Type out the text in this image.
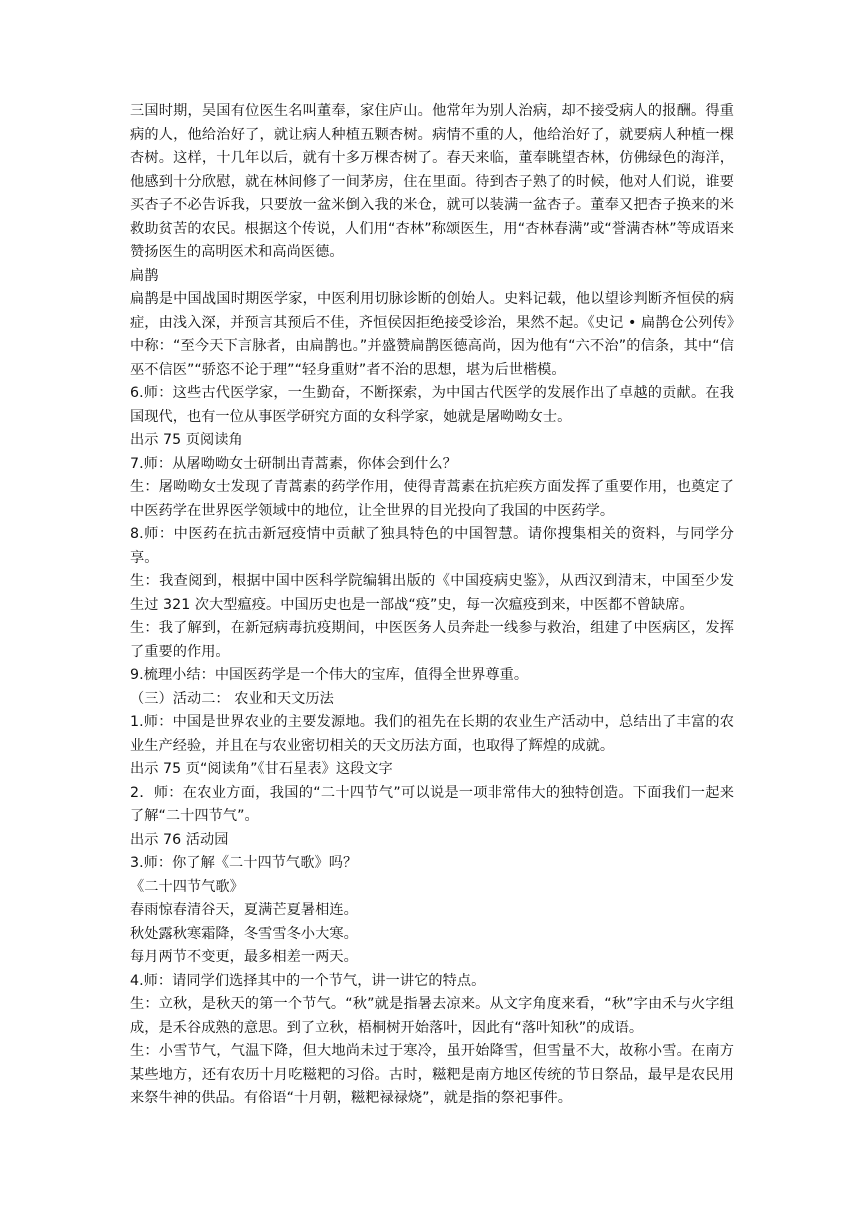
三国时期，吴国有位医生名叫董奉，家住庐山。他常年为别人治病，却不接受病人的报酬。得重病的人，他给治好了，就让病人种植五颗杏树。病情不重的人，他给治好了，就要病人种植一棵杏树。这样，十几年以后，就有十多万棵杏树了。春天来临，董奉眺望杏林，仿佛绿色的海洋，他感到十分欣慰，就在林间修了一间茅房，住在里面。待到杏子熟了的时候，他对人们说，谁要买杏子不必告诉我，只要放一盆米倒入我的米仓，就可以装满一盆杏子。董奉又把杏子换来的米救助贫苦的农民。根据这个传说，人们用“杏林”称颂医生，用“杏林春满”或“誉满杏林”等成语来赞扬医生的高明医术和高尚医德。

扁鹊

扁鹊是中国战国时期医学家，中医利用切脉诊断的创始人。史料记载，他以望诊判断齐恒侯的病症，由浅入深，并预言其预后不佳，齐恒侯因拒绝接受诊治，果然不起。《史记 • 扁鹊仓公列传》中称：“至今天下言脉者，由扁鹊也。”并盛赞扁鹊医德高尚，因为他有“六不治”的信条，其中“信巫不信医”“骄恣不论于理”“轻身重财”者不治的思想，堪为后世楷模。

6.师：这些古代医学家，一生勤奋，不断探索，为中国古代医学的发展作出了卓越的贡献。在我国现代，也有一位从事医学研究方面的女科学家，她就是屠呦呦女士。

出示 75 页阅读角

7.师：从屠呦呦女士研制出青蒿素，你体会到什么？

生：屠呦呦女士发现了青蒿素的药学作用，使得青蒿素在抗疟疾方面发挥了重要作用，也奠定了中医药学在世界医学领域中的地位，让全世界的目光投向了我国的中医药学。

8.师：中医药在抗击新冠疫情中贡献了独具特色的中国智慧。请你搜集相关的资料，与同学分享。

生：我查阅到，根据中国中医科学院编辑出版的《中国疫病史鉴》，从西汉到清末，中国至少发生过 321 次大型瘟疫。中国历史也是一部战“疫”史，每一次瘟疫到来，中医都不曾缺席。

生：我了解到，在新冠病毒抗疫期间，中医医务人员奔赴一线参与救治，组建了中医病区，发挥了重要的作用。

9.梳理小结：中国医药学是一个伟大的宝库，值得全世界尊重。

（三）活动二： 农业和天文历法

1.师：中国是世界农业的主要发源地。我们的祖先在长期的农业生产活动中，总结出了丰富的农业生产经验，并且在与农业密切相关的天文历法方面，也取得了辉煌的成就。

出示 75 页“阅读角”《甘石星表》这段文字

2．师：在农业方面，我国的“二十四节气”可以说是一项非常伟大的独特创造。下面我们一起来了解“二十四节气”。

出示 76 活动园

3.师：你了解《二十四节气歌》吗？

《二十四节气歌》

春雨惊春清谷天，夏满芒夏暑相连。

秋处露秋寒霜降，冬雪雪冬小大寒。

每月两节不变更，最多相差一两天。

4.师：请同学们选择其中的一个节气，讲一讲它的特点。

生：立秋，是秋天的第一个节气。“秋”就是指暑去凉来。从文字角度来看，“秋”字由禾与火字组成，是禾谷成熟的意思。到了立秋，梧桐树开始落叶，因此有“落叶知秋”的成语。

生：小雪节气，气温下降，但大地尚未过于寒冷，虽开始降雪，但雪量不大，故称小雪。在南方某些地方，还有农历十月吃糍粑的习俗。古时，糍粑是南方地区传统的节日祭品，最早是农民用来祭牛神的供品。有俗语“十月朝，糍粑禄禄烧”，就是指的祭祀事件。
